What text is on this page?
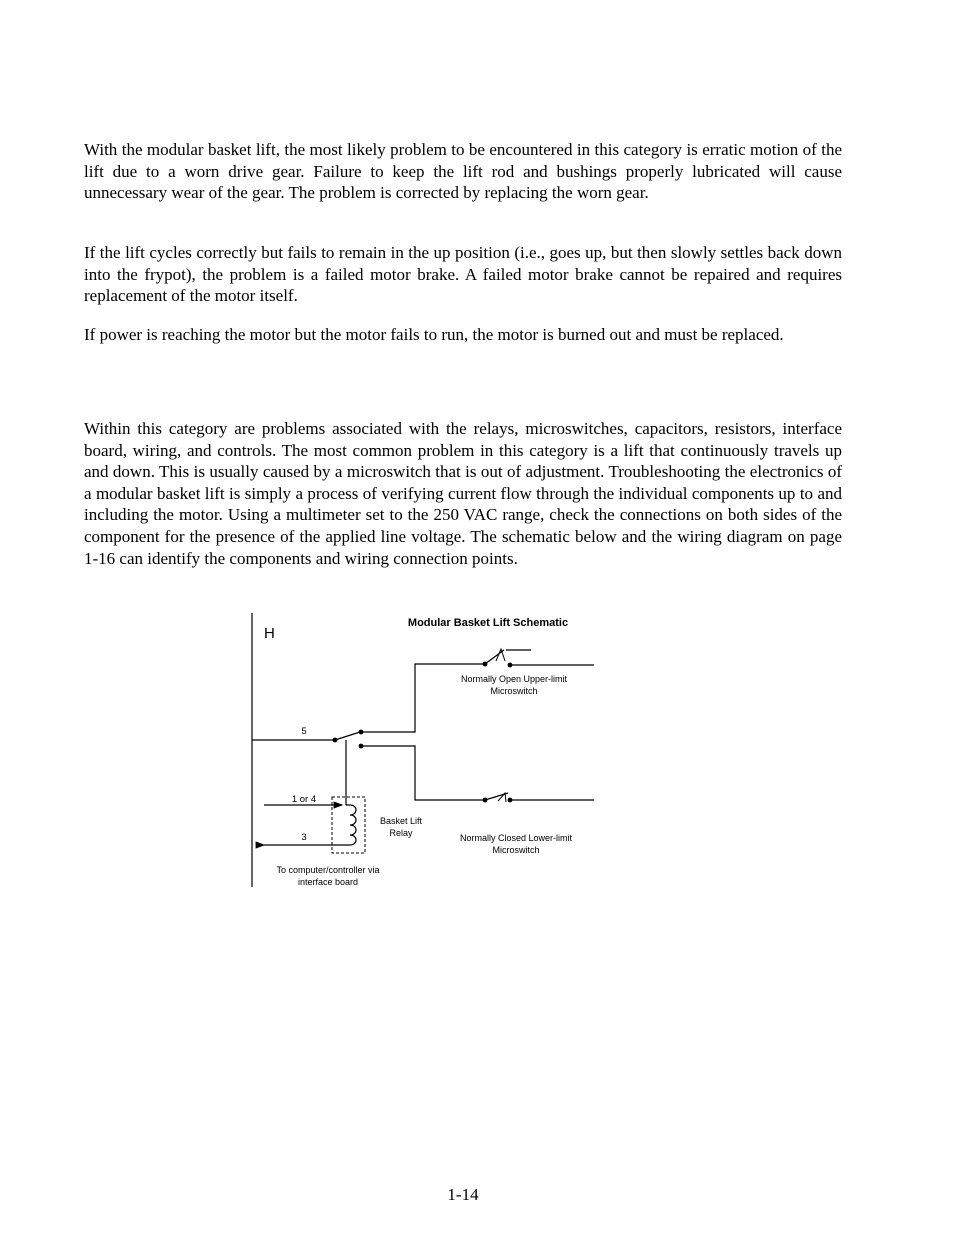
With the modular basket lift, the most likely problem to be encountered in this category is erratic motion of the lift due to a worn drive gear. Failure to keep the lift rod and bushings properly lubricated will cause unnecessary wear of the gear. The problem is corrected by replacing the worn gear.

If the lift cycles correctly but fails to remain in the up position (i.e., goes up, but then slowly settles back down into the frypot), the problem is a failed motor brake. A failed motor brake cannot be repaired and requires replacement of the motor itself.

If power is reaching the motor but the motor fails to run, the motor is burned out and must be replaced.

Within this category are problems associated with the relays, microswitches, capacitors, resistors, interface board, wiring, and controls. The most common problem in this category is a lift that continuously travels up and down. This is usually caused by a microswitch that is out of adjustment. Troubleshooting the electronics of a modular basket lift is simply a process of verifying current flow through the individual components up to and including the motor. Using a multimeter set to the 250 VAC range, check the connections on both sides of the component for the presence of the applied line voltage. The schematic below and the wiring diagram on page 1-16 can identify the components and wiring connection points.

H
Modular Basket Lift Schematic
5
Normally Open Upper-limit
Microswitch
Normally Closed Lower-limit
Microswitch
Basket Lift
Relay
1 or 4
3
To computer/controller via
interface board
1-14
